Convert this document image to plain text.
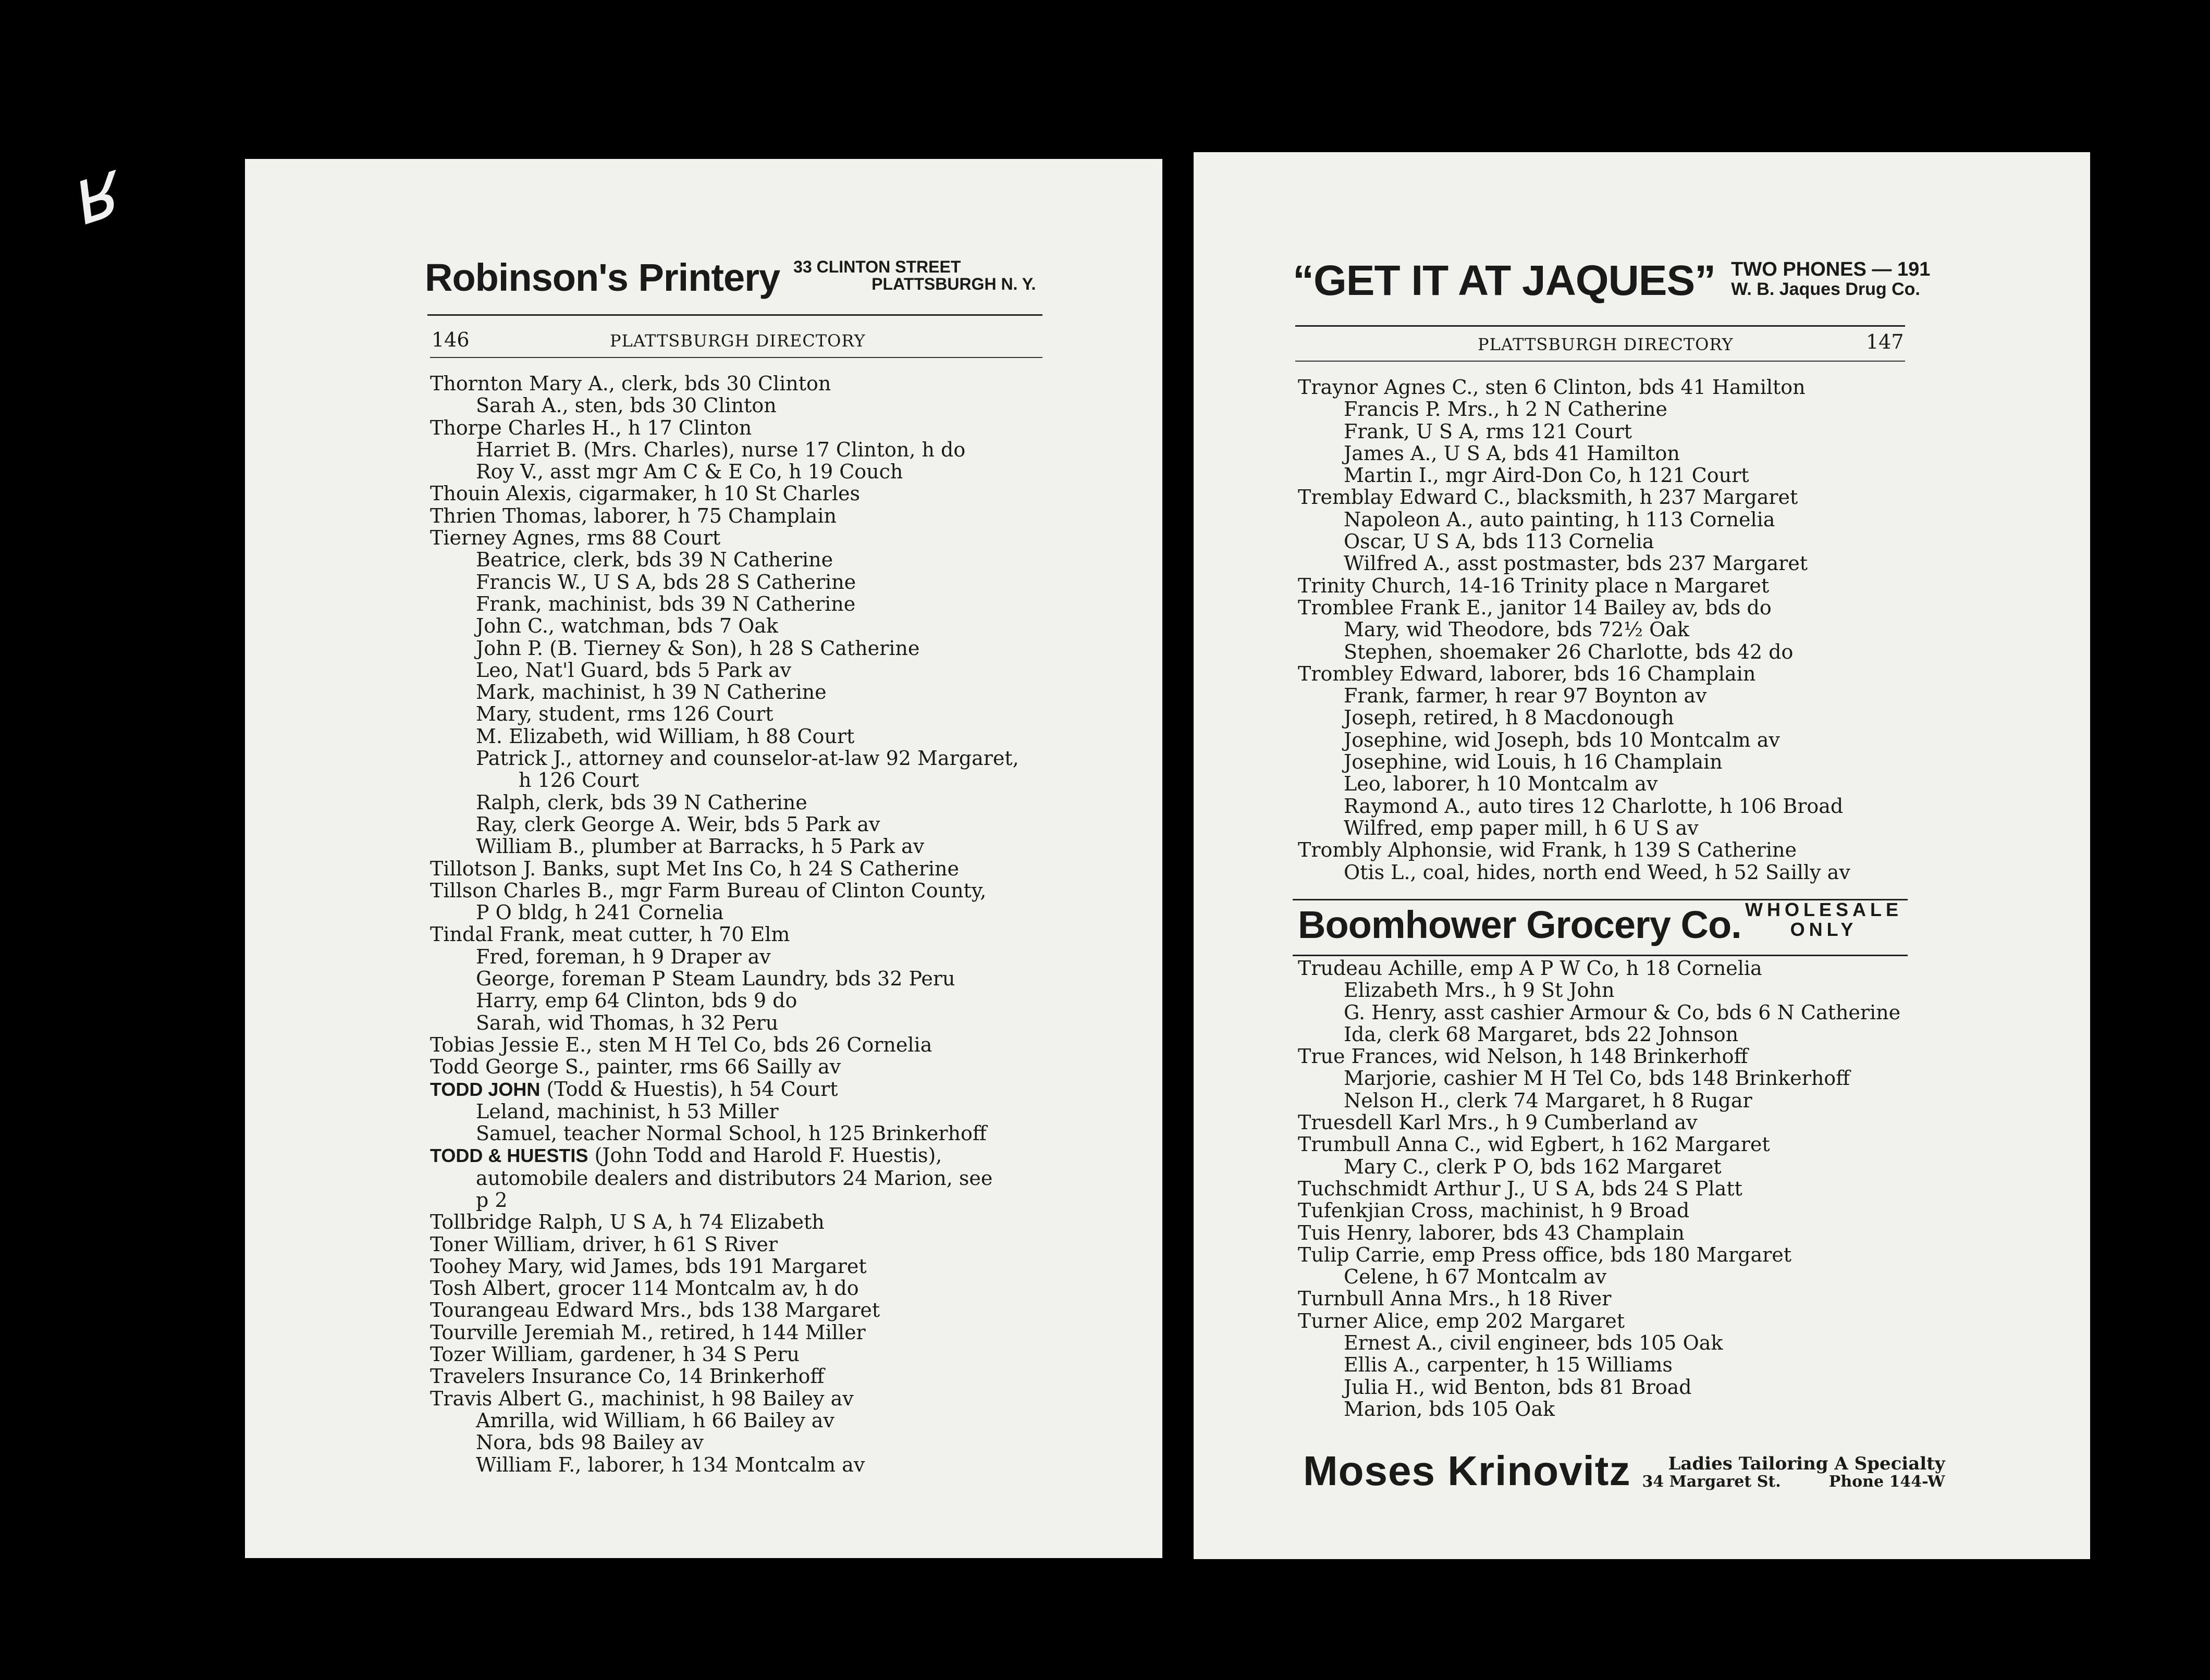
ʁ
Robinson's Printery 33 CLINTON STREET
PLATTSBURGH N. Y.
146	PLATTSBURGH DIRECTORY
Thornton Mary A., clerk, bds 30 Clinton
Sarah A., sten, bds 30 Clinton
Thorpe Charles H., h 17 Clinton
Harriet B. (Mrs. Charles), nurse 17 Clinton, h do
Roy V., asst mgr Am C & E Co, h 19 Couch
Thouin Alexis, cigarmaker, h 10 St Charles
Thrien Thomas, laborer, h 75 Champlain
Tierney Agnes, rms 88 Court
Beatrice, clerk, bds 39 N Catherine
Francis W., U S A, bds 28 S Catherine
Frank, machinist, bds 39 N Catherine
John C., watchman, bds 7 Oak
John P. (B. Tierney & Son), h 28 S Catherine
Leo, Nat'l Guard, bds 5 Park av
Mark, machinist, h 39 N Catherine
Mary, student, rms 126 Court
M. Elizabeth, wid William, h 88 Court
Patrick J., attorney and counselor-at-law 92 Margaret,
h 126 Court
Ralph, clerk, bds 39 N Catherine
Ray, clerk George A. Weir, bds 5 Park av
William B., plumber at Barracks, h 5 Park av
Tillotson J. Banks, supt Met Ins Co, h 24 S Catherine
Tillson Charles B., mgr Farm Bureau of Clinton County,
P O bldg, h 241 Cornelia
Tindal Frank, meat cutter, h 70 Elm
Fred, foreman, h 9 Draper av
George, foreman P Steam Laundry, bds 32 Peru
Harry, emp 64 Clinton, bds 9 do
Sarah, wid Thomas, h 32 Peru
Tobias Jessie E., sten M H Tel Co, bds 26 Cornelia
Todd George S., painter, rms 66 Sailly av
TODD JOHN (Todd & Huestis), h 54 Court
Leland, machinist, h 53 Miller
Samuel, teacher Normal School, h 125 Brinkerhoff
TODD & HUESTIS (John Todd and Harold F. Huestis),
automobile dealers and distributors 24 Marion, see
p 2
Tollbridge Ralph, U S A, h 74 Elizabeth
Toner William, driver, h 61 S River
Toohey Mary, wid James, bds 191 Margaret
Tosh Albert, grocer 114 Montcalm av, h do
Tourangeau Edward Mrs., bds 138 Margaret
Tourville Jeremiah M., retired, h 144 Miller
Tozer William, gardener, h 34 S Peru
Travelers Insurance Co, 14 Brinkerhoff
Travis Albert G., machinist, h 98 Bailey av
Amrilla, wid William, h 66 Bailey av
Nora, bds 98 Bailey av
William F., laborer, h 134 Montcalm av
“GET IT AT JAQUES” TWO PHONES — 191
W. B. Jaques Drug Co.
PLATTSBURGH DIRECTORY	147
Traynor Agnes C., sten 6 Clinton, bds 41 Hamilton
Francis P. Mrs., h 2 N Catherine
Frank, U S A, rms 121 Court
James A., U S A, bds 41 Hamilton
Martin I., mgr Aird-Don Co, h 121 Court
Tremblay Edward C., blacksmith, h 237 Margaret
Napoleon A., auto painting, h 113 Cornelia
Oscar, U S A, bds 113 Cornelia
Wilfred A., asst postmaster, bds 237 Margaret
Trinity Church, 14-16 Trinity place n Margaret
Tromblee Frank E., janitor 14 Bailey av, bds do
Mary, wid Theodore, bds 72½ Oak
Stephen, shoemaker 26 Charlotte, bds 42 do
Trombley Edward, laborer, bds 16 Champlain
Frank, farmer, h rear 97 Boynton av
Joseph, retired, h 8 Macdonough
Josephine, wid Joseph, bds 10 Montcalm av
Josephine, wid Louis, h 16 Champlain
Leo, laborer, h 10 Montcalm av
Raymond A., auto tires 12 Charlotte, h 106 Broad
Wilfred, emp paper mill, h 6 U S av
Trombly Alphonsie, wid Frank, h 139 S Catherine
Otis L., coal, hides, north end Weed, h 52 Sailly av
Boomhower Grocery Co. WHOLESALE
ONLY
Trudeau Achille, emp A P W Co, h 18 Cornelia
Elizabeth Mrs., h 9 St John
G. Henry, asst cashier Armour & Co, bds 6 N Catherine
Ida, clerk 68 Margaret, bds 22 Johnson
True Frances, wid Nelson, h 148 Brinkerhoff
Marjorie, cashier M H Tel Co, bds 148 Brinkerhoff
Nelson H., clerk 74 Margaret, h 8 Rugar
Truesdell Karl Mrs., h 9 Cumberland av
Trumbull Anna C., wid Egbert, h 162 Margaret
Mary C., clerk P O, bds 162 Margaret
Tuchschmidt Arthur J., U S A, bds 24 S Platt
Tufenkjian Cross, machinist, h 9 Broad
Tuis Henry, laborer, bds 43 Champlain
Tulip Carrie, emp Press office, bds 180 Margaret
Celene, h 67 Montcalm av
Turnbull Anna Mrs., h 18 River
Turner Alice, emp 202 Margaret
Ernest A., civil engineer, bds 105 Oak
Ellis A., carpenter, h 15 Williams
Julia H., wid Benton, bds 81 Broad
Marion, bds 105 Oak
Moses Krinovitz	Ladies Tailoring A Specialty
34 Margaret St.	Phone 144-W
